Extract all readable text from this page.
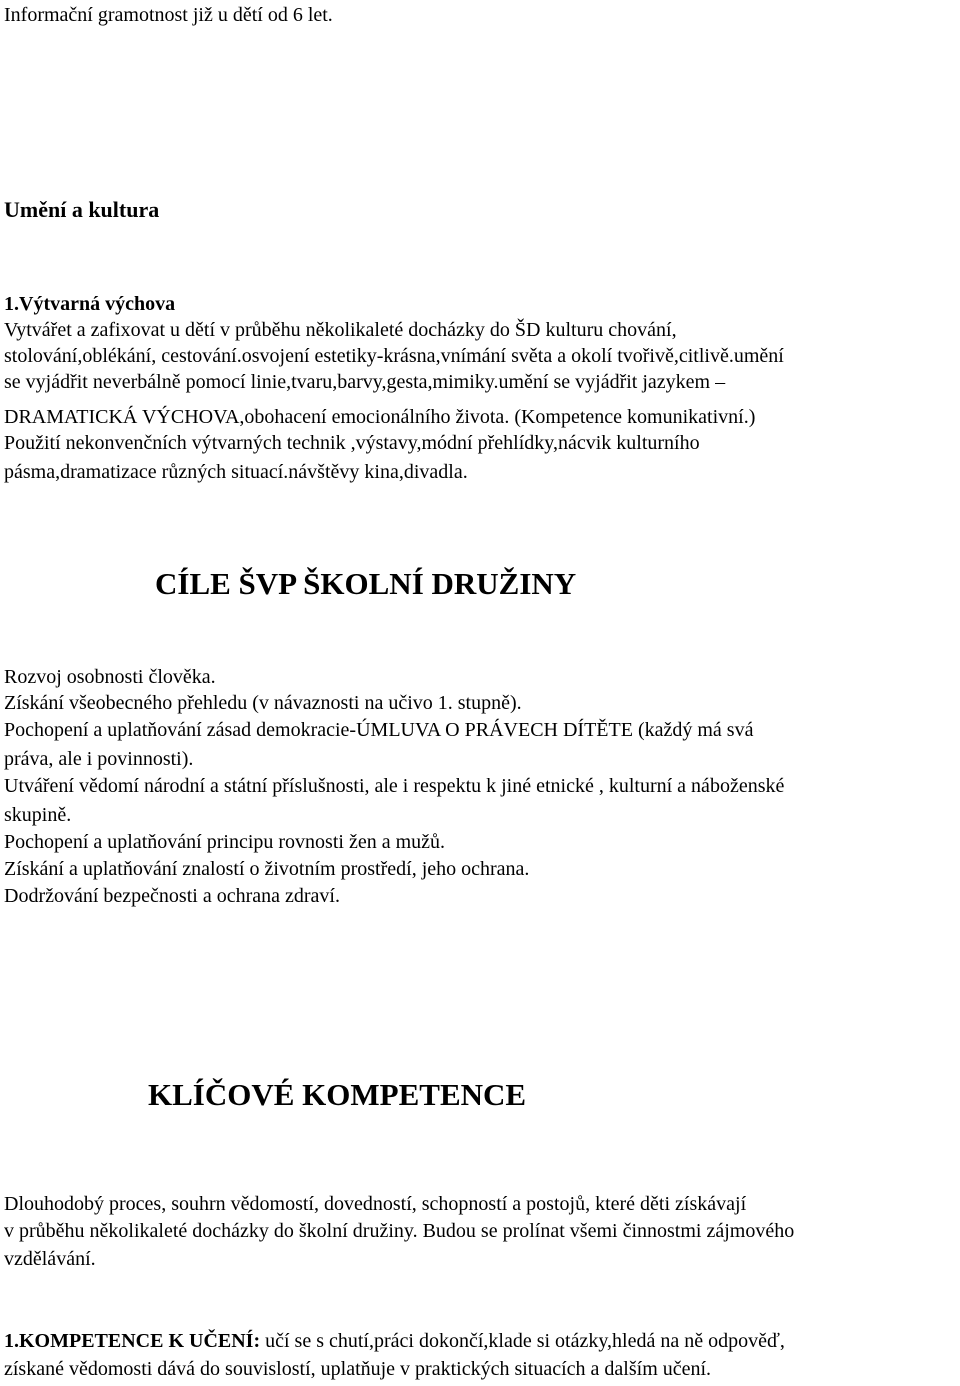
Informační gramotnost již u dětí od 6 let.

Umění a kultura

1.Výtvarná výchova

Vytvářet a zafixovat u dětí v průběhu několikaleté docházky do ŠD kulturu chování,

stolování,oblékání, cestování.osvojení estetiky-krásna,vnímání světa a okolí tvořivě,citlivě.umění

se vyjádřit neverbálně pomocí linie,tvaru,barvy,gesta,mimiky.umění se vyjádřit jazykem –

DRAMATICKÁ VÝCHOVA,obohacení emocionálního života. (Kompetence komunikativní.)

Použití nekonvenčních výtvarných technik ,výstavy,módní přehlídky,nácvik kulturního

pásma,dramatizace různých situací.návštěvy kina,divadla.

CÍLE ŠVP ŠKOLNÍ DRUŽINY

Rozvoj osobnosti člověka.

Získání všeobecného přehledu (v návaznosti na učivo 1. stupně).

Pochopení a uplatňování zásad demokracie-ÚMLUVA O PRÁVECH DÍTĚTE (každý má svá

práva, ale i povinnosti).

Utváření vědomí národní a státní příslušnosti, ale i respektu k jiné etnické , kulturní a náboženské

skupině.

Pochopení a uplatňování principu rovnosti žen a mužů.

Získání a uplatňování znalostí o životním prostředí, jeho ochrana.

Dodržování bezpečnosti a ochrana zdraví.

KLÍČOVÉ KOMPETENCE

Dlouhodobý proces, souhrn vědomostí, dovedností, schopností a postojů, které děti získávají

v průběhu několikaleté docházky do školní družiny. Budou se prolínat všemi činnostmi zájmového

vzdělávání.

1.KOMPETENCE K UČENÍ: učí se s chutí,práci dokončí,klade si otázky,hledá na ně odpověď,

získané vědomosti dává do souvislostí, uplatňuje v praktických situacích a dalším učení.
